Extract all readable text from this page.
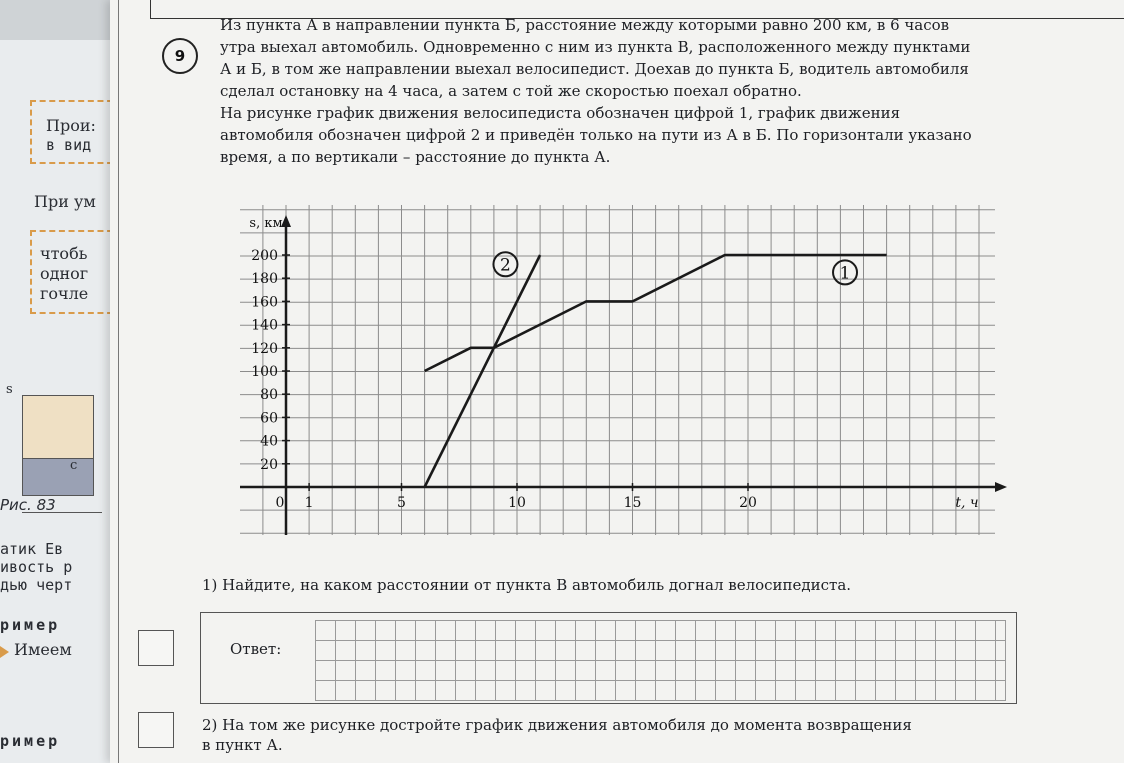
Прои:
в вид
При ум
чтобь
одног
гочле
s
c
Рис. 83
атик Ев
ивость р
дью черт
ример
Имеем
ример
9

Из пункта А в направлении пункта Б, расстояние между которыми равно 200 км, в 6 часов

утра выехал автомобиль. Одновременно с ним из пункта В, расположенного между пунктами

А и Б, в том же направлении выехал велосипедист. Доехав до пункта Б, водитель автомобиля

сделал остановку на 4 часа, а затем с той же скоростью поехал обратно.

На рисунке график движения велосипедиста обозначен цифрой 1, график движения

автомобиля обозначен цифрой 2 и приведён только на пути из А в Б. По горизонтали указано

время, а по вертикали – расстояние до пункта А.

20
40
60
80
100
120
140
160
180
200
0 1	5	10	15	20
s, км
t, ч
1
2
1) Найдите, на каком расстоянии от пункта В автомобиль догнал велосипедиста.
Ответ:
2) На том же рисунке достройте график движения автомобиля до момента возвращения
в пункт А.
